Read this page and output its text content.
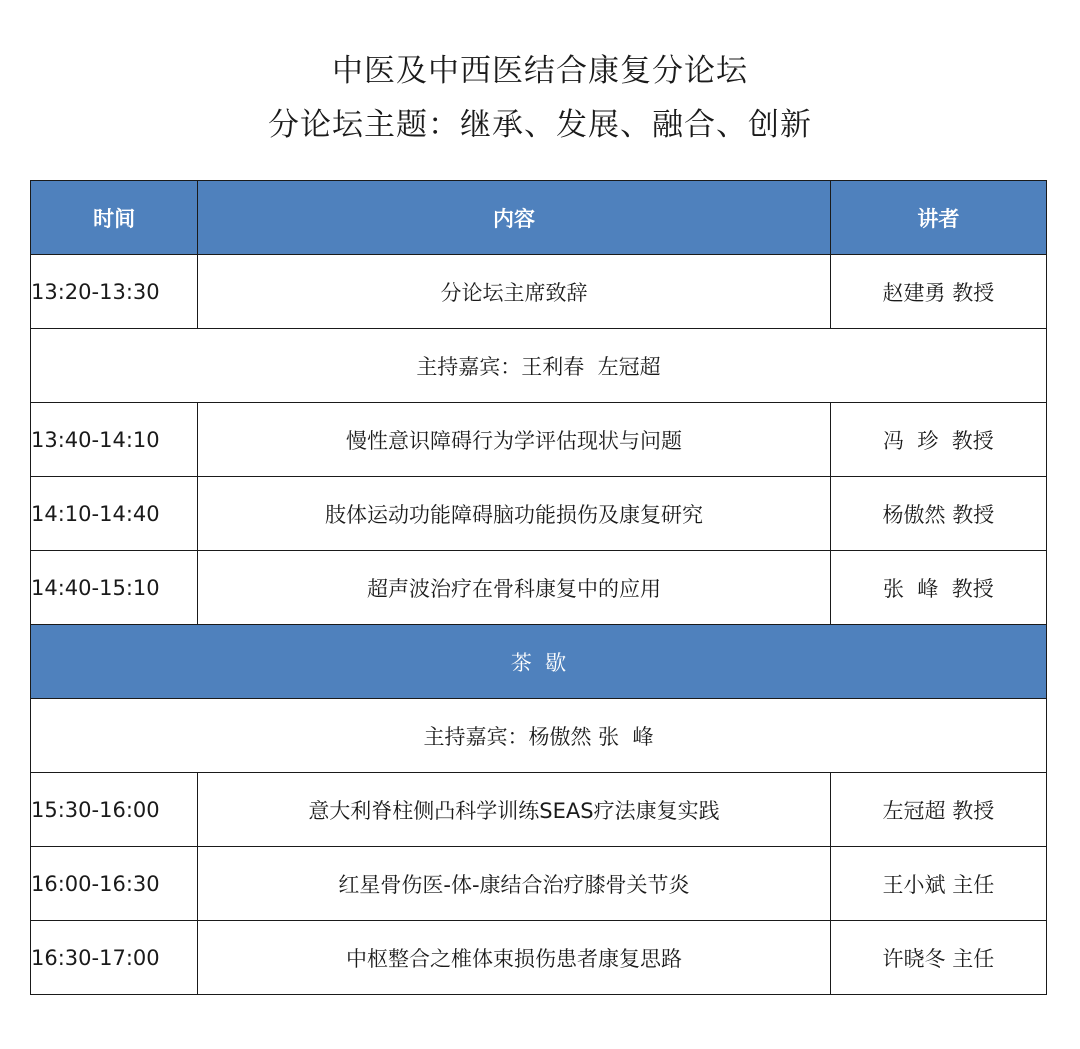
中医及中西医结合康复分论坛
分论坛主题：继承、发展、融合、创新
时间	内容	讲者
13:20-13:30	分论坛主席致辞	赵建勇 教授
主持嘉宾：王利春  左冠超		
13:40-14:10	慢性意识障碍行为学评估现状与问题	冯  珍  教授
14:10-14:40	肢体运动功能障碍脑功能损伤及康复研究	杨傲然 教授
14:40-15:10	超声波治疗在骨科康复中的应用	张  峰  教授
茶  歇		
主持嘉宾：杨傲然 张  峰		
15:30-16:00	意大利脊柱侧凸科学训练SEAS疗法康复实践	左冠超 教授
16:00-16:30	红星骨伤医-体-康结合治疗膝骨关节炎	王小斌 主任
16:30-17:00	中枢整合之椎体束损伤患者康复思路	许晓冬 主任
